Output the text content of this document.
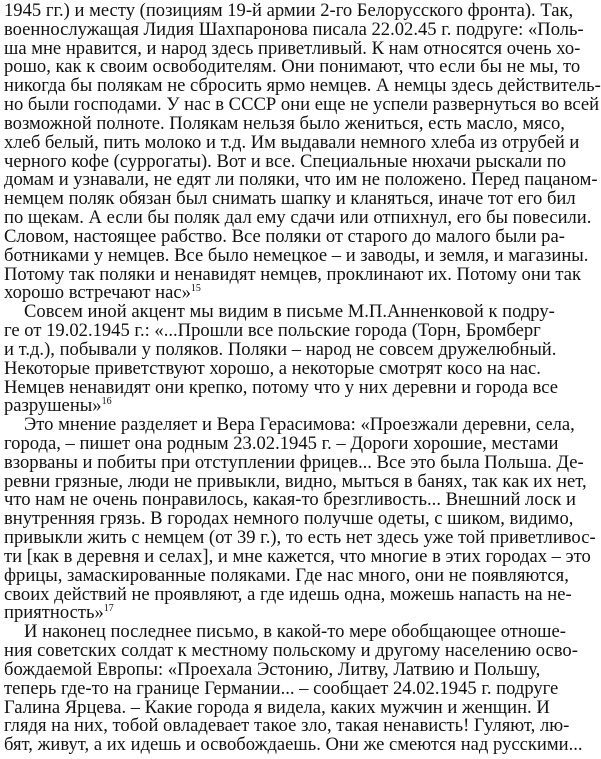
1945 гг.) и месту (позициям 19-й армии 2-го Белорусского фронта). Так,
военнослужащая Лидия Шахпаронова писала 22.02.45 г. подруге: «Поль-
ша мне нравится, и народ здесь приветливый. К нам относятся очень хо-
рошо, как к своим освободителям. Они понимают, что если бы не мы, то
никогда бы полякам не сбросить ярмо немцев. А немцы здесь действитель-
но были господами. У нас в СССР они еще не успели развернуться во всей
возможной полноте. Полякам нельзя было жениться, есть масло, мясо,
хлеб белый, пить молоко и т.д. Им выдавали немного хлеба из отрубей и
черного кофе (суррогаты). Вот и все. Специальные нюхачи рыскали по
домам и узнавали, не едят ли поляки, что им не положено. Перед пацаном-
немцем поляк обязан был снимать шапку и кланяться, иначе тот его бил
по щекам. А если бы поляк дал ему сдачи или отпихнул, его бы повесили.
Словом, настоящее рабство. Все поляки от старого до малого были ра-
ботниками у немцев. Все было немецкое – и заводы, и земля, и магазины.
Потому так поляки и ненавидят немцев, проклинают их. Потому они так
хорошо встречают нас»$^{15}$
Совсем иной акцент мы видим в письме М.П.Анненковой к подру-
ге от 19.02.1945 г.: «...Прошли все польские города (Торн, Бромберг
и т.д.), побывали у поляков. Поляки – народ не совсем дружелюбный.
Некоторые приветствуют хорошо, а некоторые смотрят косо на нас.
Немцев ненавидят они крепко, потому что у них деревни и города все
разрушены»$^{16}$
Это мнение разделяет и Вера Герасимова: «Проезжали деревни, села,
города, – пишет она родным 23.02.1945 г. – Дороги хорошие, местами
взорваны и побиты при отступлении фрицев... Все это была Польша. Де-
ревни грязные, люди не привыкли, видно, мыться в банях, так как их нет,
что нам не очень понравилось, какая-то брезгливость... Внешний лоск и
внутренняя грязь. В городах немного получше одеты, с шиком, видимо,
привыкли жить с немцем (от 39 г.), то есть нет здесь уже той приветливос-
ти [как в деревня и селах], и мне кажется, что многие в этих городах – это
фрицы, замаскированные поляками. Где нас много, они не появляются,
своих действий не проявляют, а где идешь одна, можешь напасть на не-
приятность»$^{17}$
И наконец последнее письмо, в какой-то мере обобщающее отноше-
ния советских солдат к местному польскому и другому населению осво-
бождаемой Европы: «Проехала Эстонию, Литву, Латвию и Польшу,
теперь где-то на границе Германии... – сообщает 24.02.1945 г. подруге
Галина Ярцева. – Какие города я видела, каких мужчин и женщин. И
глядя на них, тобой овладевает такое зло, такая ненависть! Гуляют, лю-
бят, живут, а их идешь и освобождаешь. Они же смеются над русскими...
